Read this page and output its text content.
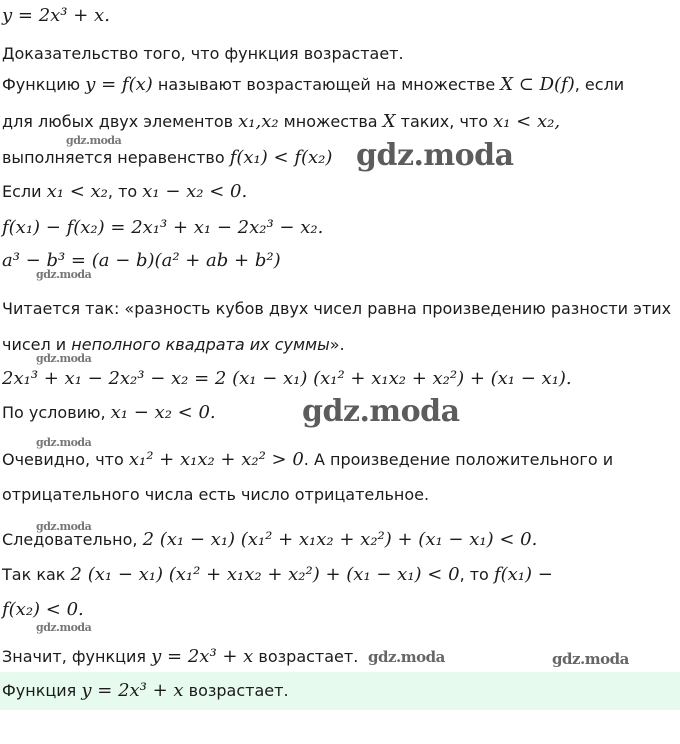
y = 2x³ + x.
Доказательство того, что функция возрастает.
Функцию y = f(x) называют возрастающей на множестве X ⊂ D(f), если
для любых двух элементов x₁,x₂ множества X таких, что x₁ < x₂,
выполняется неравенство f(x₁) < f(x₂)
Если x₁ < x₂, то x₁ − x₂ < 0.
f(x₁) − f(x₂) = 2x₁³ + x₁ − 2x₂³ − x₂.
a³ − b³ = (a − b)(a² + ab + b²)
Читается так: «разность кубов двух чисел равна произведению разности этих
чисел и неполного квадрата их суммы».
2x₁³ + x₁ − 2x₂³ − x₂ = 2 (x₁ − x₁) (x₁² + x₁x₂ + x₂²) + (x₁ − x₁).
По условию, x₁ − x₂ < 0.
Очевидно, что x₁² + x₁x₂ + x₂² > 0. А произведение положительного и
отрицательного числа есть число отрицательное.
Следовательно, 2 (x₁ − x₁) (x₁² + x₁x₂ + x₂²) + (x₁ − x₁) < 0.
Так как 2 (x₁ − x₁) (x₁² + x₁x₂ + x₂²) + (x₁ − x₁) < 0, то f(x₁) −
f(x₂) < 0.
Значит, функция y = 2x³ + x возрастает.
Функция y = 2x³ + x возрастает.
gdz.moda	gdz.moda
gdz.moda
gdz.moda
gdz.moda
gdz.moda
gdz.moda
gdz.moda
gdz.moda	gdz.moda
